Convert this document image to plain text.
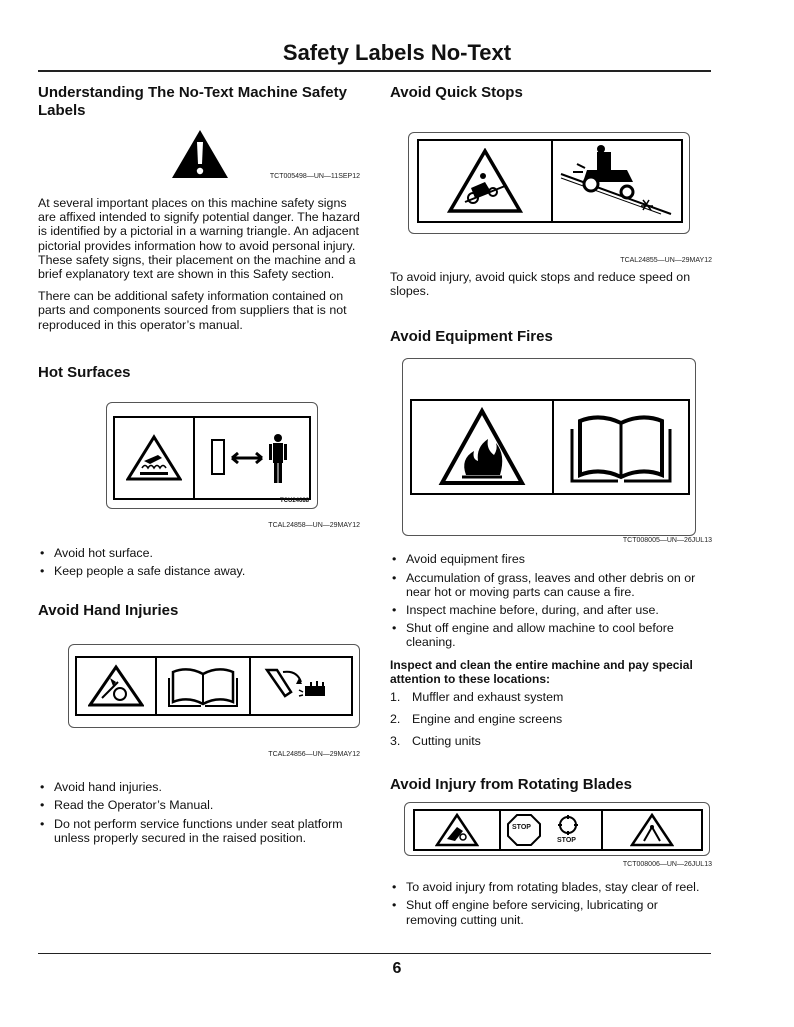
Safety Labels No-Text
Understanding The No-Text Machine Safety Labels
TCT005498—UN—11SEP12

At several important places on this machine safety signs are affixed intended to signify potential danger. The hazard is identified by a pictorial in a warning triangle. An adjacent pictorial provides information how to avoid personal injury. These safety signs, their placement on the machine and a brief explanatory text are shown in this Safety section.

There can be additional safety information contained on parts and components sourced from suppliers that is not reproduced in this operator’s manual.

Hot Surfaces
TCU24688
TCAL24858—UN—29MAY12
• Avoid hot surface.
• Keep people a safe distance away.
Avoid Hand Injuries
TCAL24856—UN—29MAY12
• Avoid hand injuries.
• Read the Operator’s Manual.
• Do not perform service functions under seat platform unless properly secured in the raised position.
Avoid Quick Stops
TCAL24855—UN—29MAY12

To avoid injury, avoid quick stops and reduce speed on slopes.

Avoid Equipment Fires
TCT008005—UN—26JUL13
• Avoid equipment fires
• Accumulation of grass, leaves and other debris on or near hot or moving parts can cause a fire.
• Inspect machine before, during, and after use.
• Shut off engine and allow machine to cool before cleaning.

Inspect and clean the entire machine and pay special attention to these locations:

Muffler and exhaust system
Engine and engine screens
Cutting units
Avoid Injury from Rotating Blades
STOP
STOP
TCT008006—UN—26JUL13
• To avoid injury from rotating blades, stay clear of reel.
• Shut off engine before servicing, lubricating or removing cutting unit.
6
